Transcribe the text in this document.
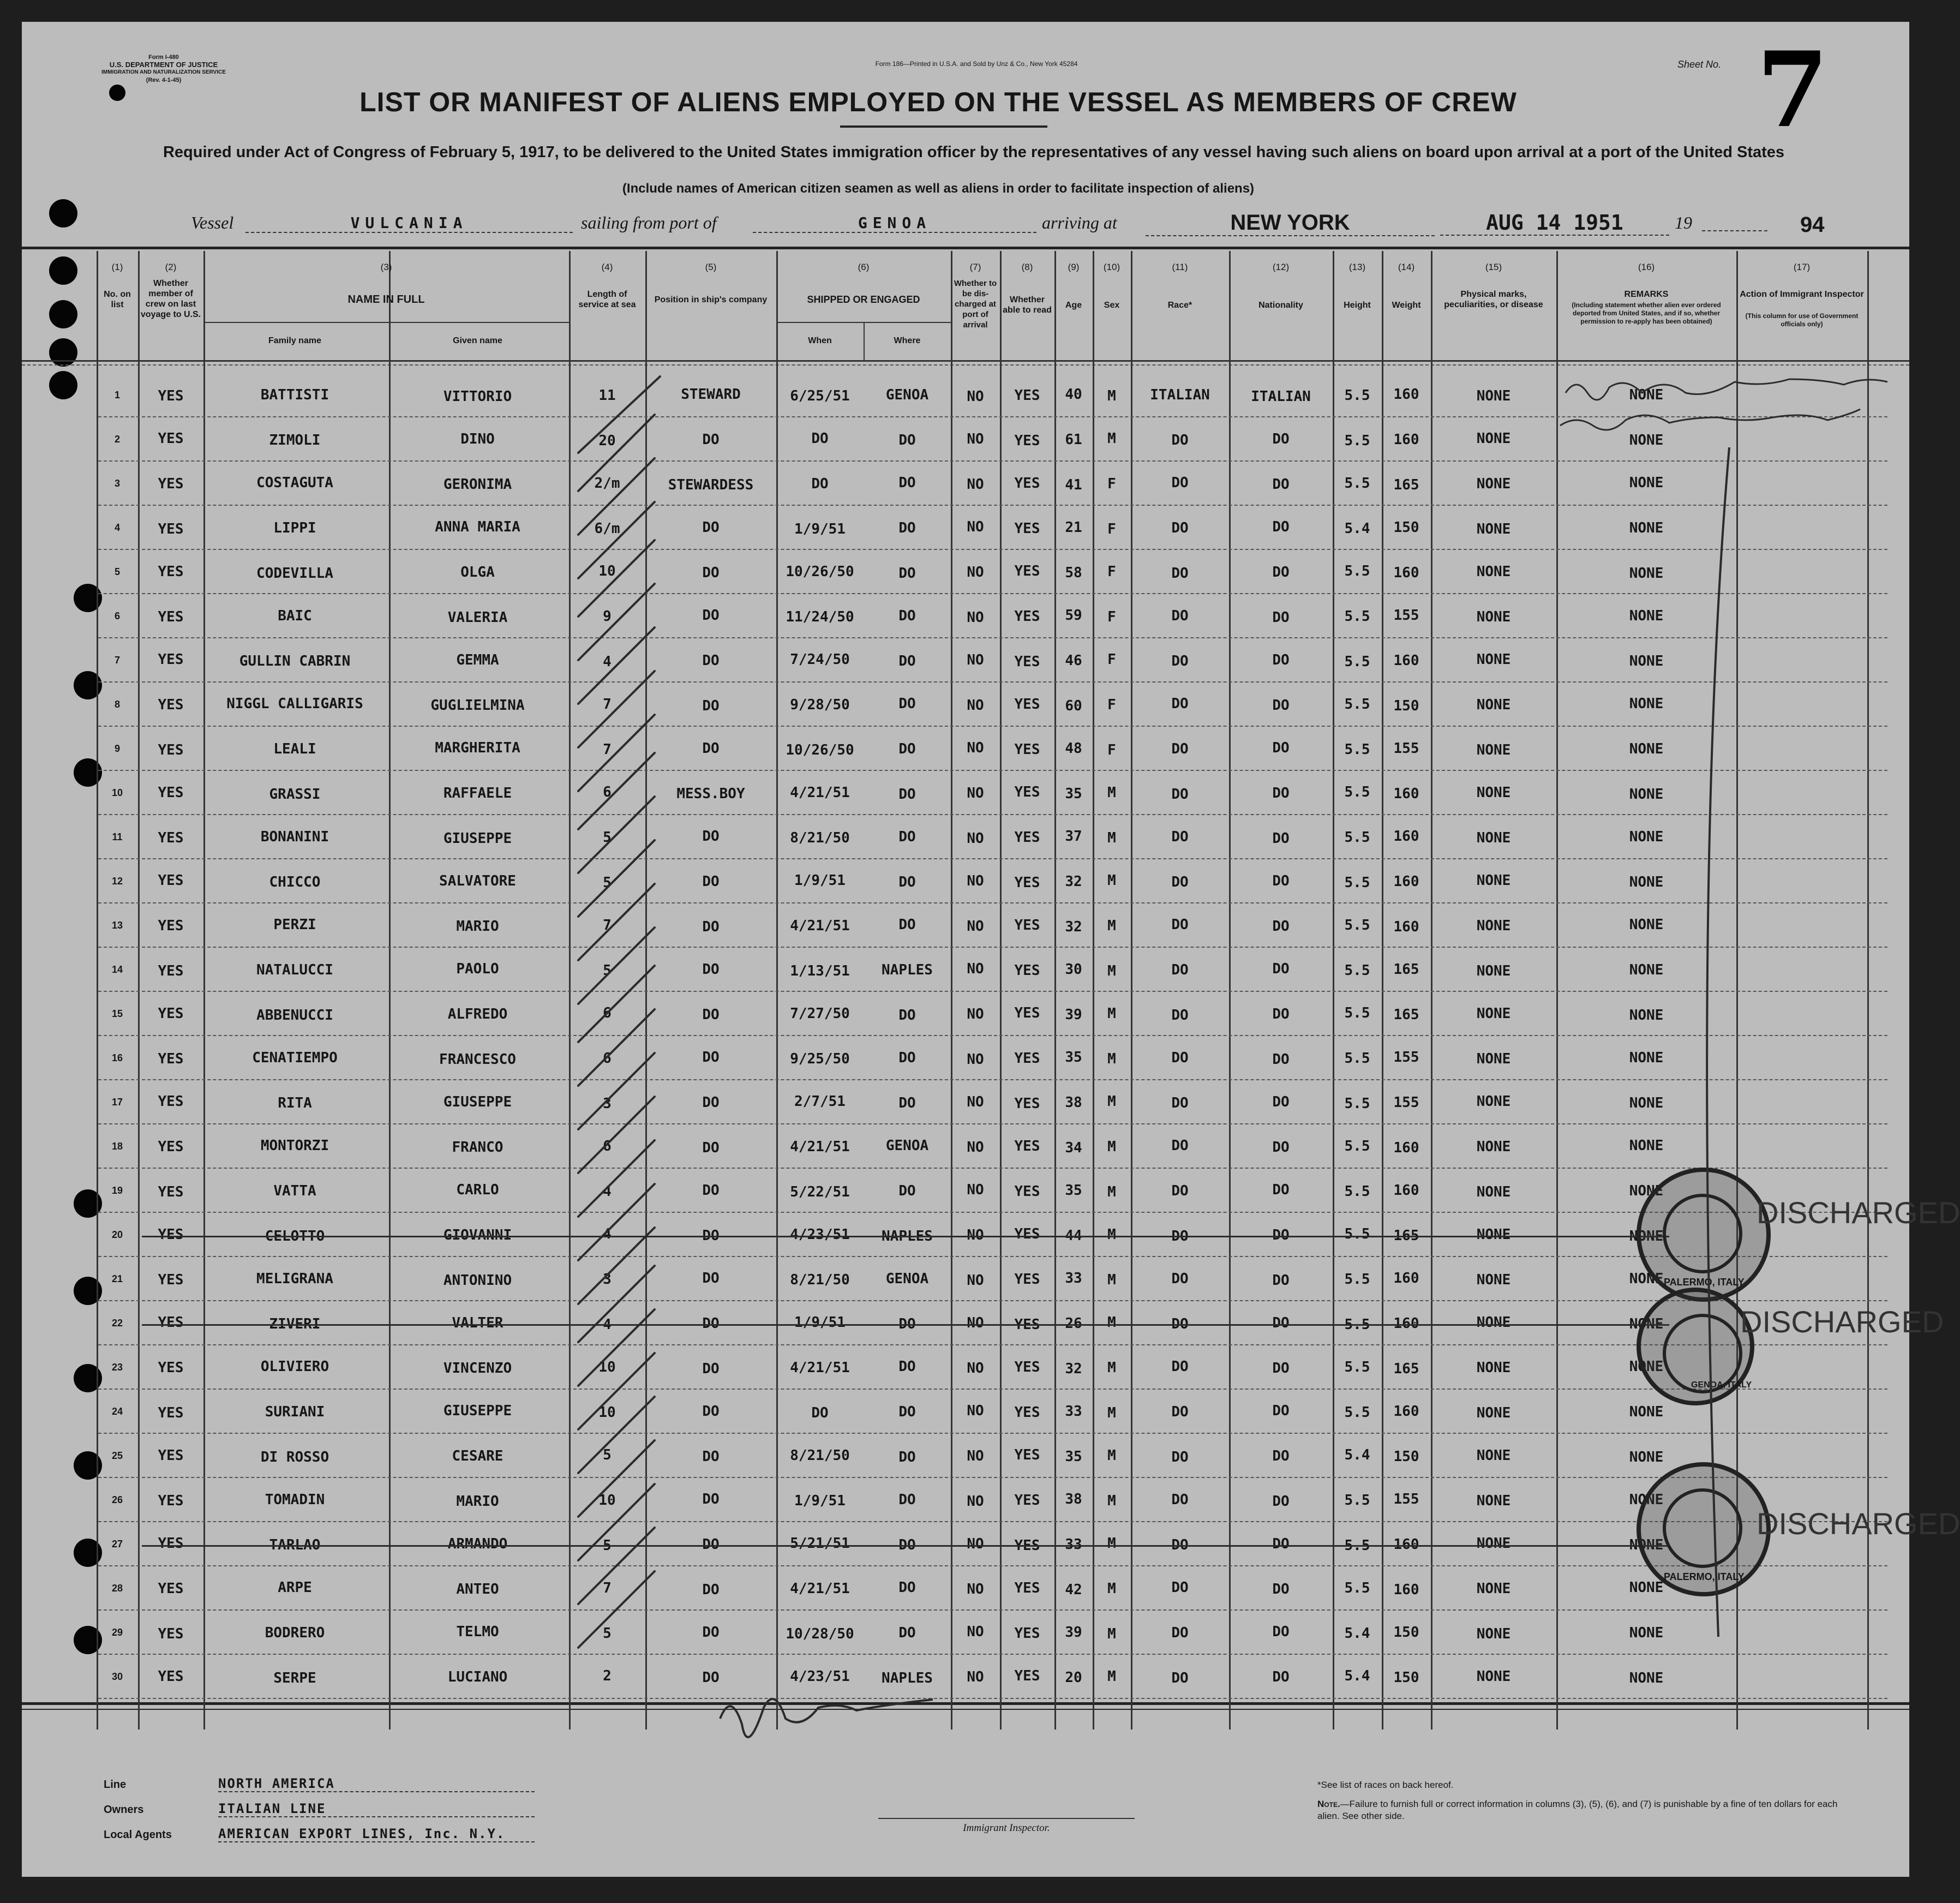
Form I-480
U.S. DEPARTMENT OF JUSTICE
IMMIGRATION AND NATURALIZATION SERVICE
(Rev. 4-1-45)
Form 186—Printed in U.S.A. and Sold by Unz & Co., New York 45284	Sheet No. 7
LIST OR MANIFEST OF ALIENS EMPLOYED ON THE VESSEL AS MEMBERS OF CREW
Required under Act of Congress of February 5, 1917, to be delivered to the United States immigration officer by the representatives of any vessel having such aliens on board upon arrival at a port of the United States
(Include names of American citizen seamen as well as aliens in order to facilitate inspection of aliens)
Vessel	VULCANIA	sailing from port of	GENOA	arriving at	NEW YORK	AUG 14 1951	19	94
(1)	(2)	(3)	(4)	(5)	(6)	(7)	(8)	(9)	(10)	(11)	(12)	(13)	(14)	(15)	(16)	(17)
No. on list
Whether member of crew on last voyage to U.S.
NAME IN FULL
Family name	Given name
Length of service at sea
Position in ship's company	SHIPPED OR ENGAGED
When	Where
Whether to be dis-charged at port of arrival
Whether able to read
Age	Sex	Race*	Nationality	Height	Weight
Physical marks, peculiarities, or disease
REMARKS
(Including statement whether alien ever ordered deported from United States, and if so, whether permission to re-apply has been obtained)
Action of Immigrant Inspector
(This column for use of Government officials only)
1	YES	BATTISTI	VITTORIO	11	STEWARD	6/25/51	GENOA	NO	YES	40	M	ITALIAN	ITALIAN	5.5	160	NONE	NONE
2	YES	ZIMOLI	DINO	20	DO	DO	DO	NO	YES	61	M	DO	DO	5.5	160	NONE	NONE
3	YES	COSTAGUTA	GERONIMA	2/m	STEWARDESS	DO	DO	NO	YES	41	F	DO	DO	5.5	165	NONE	NONE
4	YES	LIPPI	ANNA MARIA	6/m	DO	1/9/51	DO	NO	YES	21	F	DO	DO	5.4	150	NONE	NONE
5	YES	CODEVILLA	OLGA	10	DO	10/26/50	DO	NO	YES	58	F	DO	DO	5.5	160	NONE	NONE
6	YES	BAIC	VALERIA	9	DO	11/24/50	DO	NO	YES	59	F	DO	DO	5.5	155	NONE	NONE
7	YES	GULLIN CABRIN	GEMMA	4	DO	7/24/50	DO	NO	YES	46	F	DO	DO	5.5	160	NONE	NONE
8	YES	NIGGL CALLIGARIS	GUGLIELMINA	7	DO	9/28/50	DO	NO	YES	60	F	DO	DO	5.5	150	NONE	NONE
9	YES	LEALI	MARGHERITA	7	DO	10/26/50	DO	NO	YES	48	F	DO	DO	5.5	155	NONE	NONE
10	YES	GRASSI	RAFFAELE	6	MESS.BOY	4/21/51	DO	NO	YES	35	M	DO	DO	5.5	160	NONE	NONE
11	YES	BONANINI	GIUSEPPE	5	DO	8/21/50	DO	NO	YES	37	M	DO	DO	5.5	160	NONE	NONE
12	YES	CHICCO	SALVATORE	5	DO	1/9/51	DO	NO	YES	32	M	DO	DO	5.5	160	NONE	NONE
13	YES	PERZI	MARIO	7	DO	4/21/51	DO	NO	YES	32	M	DO	DO	5.5	160	NONE	NONE
14	YES	NATALUCCI	PAOLO	5	DO	1/13/51	NAPLES	NO	YES	30	M	DO	DO	5.5	165	NONE	NONE
15	YES	ABBENUCCI	ALFREDO	6	DO	7/27/50	DO	NO	YES	39	M	DO	DO	5.5	165	NONE	NONE
16	YES	CENATIEMPO	FRANCESCO	6	DO	9/25/50	DO	NO	YES	35	M	DO	DO	5.5	155	NONE	NONE
17	YES	RITA	GIUSEPPE	3	DO	2/7/51	DO	NO	YES	38	M	DO	DO	5.5	155	NONE	NONE
18	YES	MONTORZI	FRANCO	6	DO	4/21/51	GENOA	NO	YES	34	M	DO	DO	5.5	160	NONE	NONE
19	YES	VATTA	CARLO	4	DO	5/22/51	DO	NO	YES	35	M	DO	DO	5.5	160	NONE	NONE
20	YES	CELOTTO	GIOVANNI	4	DO	4/23/51	NAPLES	NO	YES	44	M	DO	DO	5.5	165	NONE	NONE
21	YES	MELIGRANA	ANTONINO	3	DO	8/21/50	GENOA	NO	YES	33	M	DO	DO	5.5	160	NONE	NONE
22	YES	ZIVERI	VALTER	4	DO	1/9/51	DO	NO	YES	26	M	DO	DO	5.5	160	NONE	NONE
23	YES	OLIVIERO	VINCENZO	10	DO	4/21/51	DO	NO	YES	32	M	DO	DO	5.5	165	NONE	NONE
24	YES	SURIANI	GIUSEPPE	10	DO	DO	DO	NO	YES	33	M	DO	DO	5.5	160	NONE	NONE
25	YES	DI ROSSO	CESARE	5	DO	8/21/50	DO	NO	YES	35	M	DO	DO	5.4	150	NONE	NONE
26	YES	TOMADIN	MARIO	10	DO	1/9/51	DO	NO	YES	38	M	DO	DO	5.5	155	NONE	NONE
27	YES	TARLAO	ARMANDO	5	DO	5/21/51	DO	NO	YES	33	M	DO	DO	5.5	160	NONE	NONE
28	YES	ARPE	ANTEO	7	DO	4/21/51	DO	NO	YES	42	M	DO	DO	5.5	160	NONE	NONE
29	YES	BODRERO	TELMO	5	DO	10/28/50	DO	NO	YES	39	M	DO	DO	5.4	150	NONE	NONE
30	YES	SERPE	LUCIANO	2	DO	4/23/51	NAPLES	NO	YES	20	M	DO	DO	5.4	150	NONE	NONE
DISCHARGED
PALERMO, ITALY
DISCHARGED
GENOA, ITALY
DISCHARGED
PALERMO, ITALY
Line	NORTH AMERICA
Owners	ITALIAN LINE
Local Agents	AMERICAN EXPORT LINES, Inc. N.Y.	Immigrant Inspector.
*See list of races on back hereof.
Note.—Failure to furnish full or correct information in columns (3), (5), (6), and (7) is punishable by a fine of ten dollars for each alien. See other side.
